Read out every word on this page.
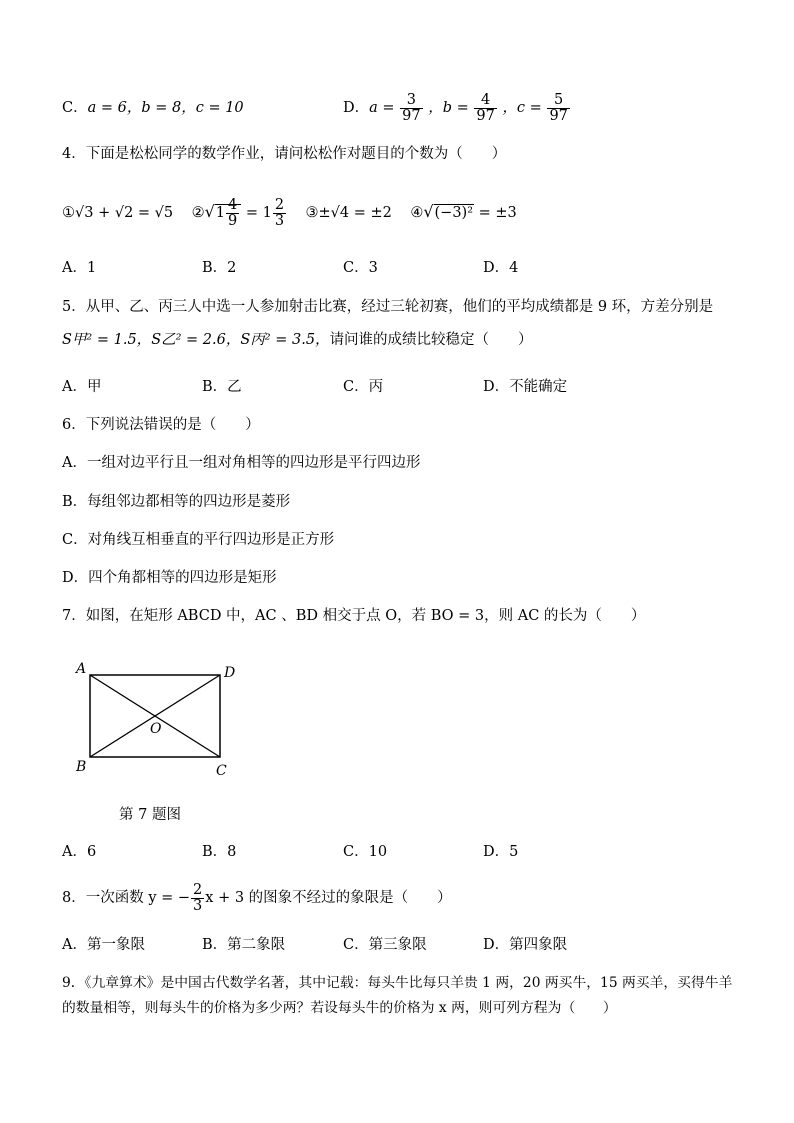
C．a = 6，b = 8，c = 10	D．$a = \frac{3}{97}$ ，$b = \frac{4}{97}$ ，$c = \frac{5}{97}$
4．下面是松松同学的数学作业，请问松松作对题目的个数为（　　）
①√3 + √2 = √5 ②√1 $\frac{4}{9} = 1 \frac{2}{3}$ ③±√4 = ±2 ④√(−3)² = ±3
A．1	B．2	C．3	D．4
5．从甲、乙、丙三人中选一人参加射击比赛，经过三轮初赛，他们的平均成绩都是 9 环，方差分别是
S甲² = 1.5，S乙² = 2.6，S丙² = 3.5，请问谁的成绩比较稳定（　　）
A．甲	B．乙	C．丙	D．不能确定
6．下列说法错误的是（　　）
A．一组对边平行且一组对角相等的四边形是平行四边形
B．每组邻边都相等的四边形是菱形
C．对角线互相垂直的平行四边形是正方形
D．四个角都相等的四边形是矩形
7．如图，在矩形 ABCD 中，AC 、BD 相交于点 O，若 BO = 3，则 AC 的长为（　　）
A	D
O
B	C
第 7 题图
A．6	B．8	C．10	D．5
8．一次函数 y = − $\frac{2}{3}$ x + 3 的图象不经过的象限是（　　）
A．第一象限	B．第二象限	C．第三象限	D．第四象限
9．《九章算术》是中国古代数学名著，其中记载：每头牛比每只羊贵 1 两，20 两买牛，15 两买羊，买得牛羊
的数量相等，则每头牛的价格为多少两？若设每头牛的价格为 x 两，则可列方程为（　　）
